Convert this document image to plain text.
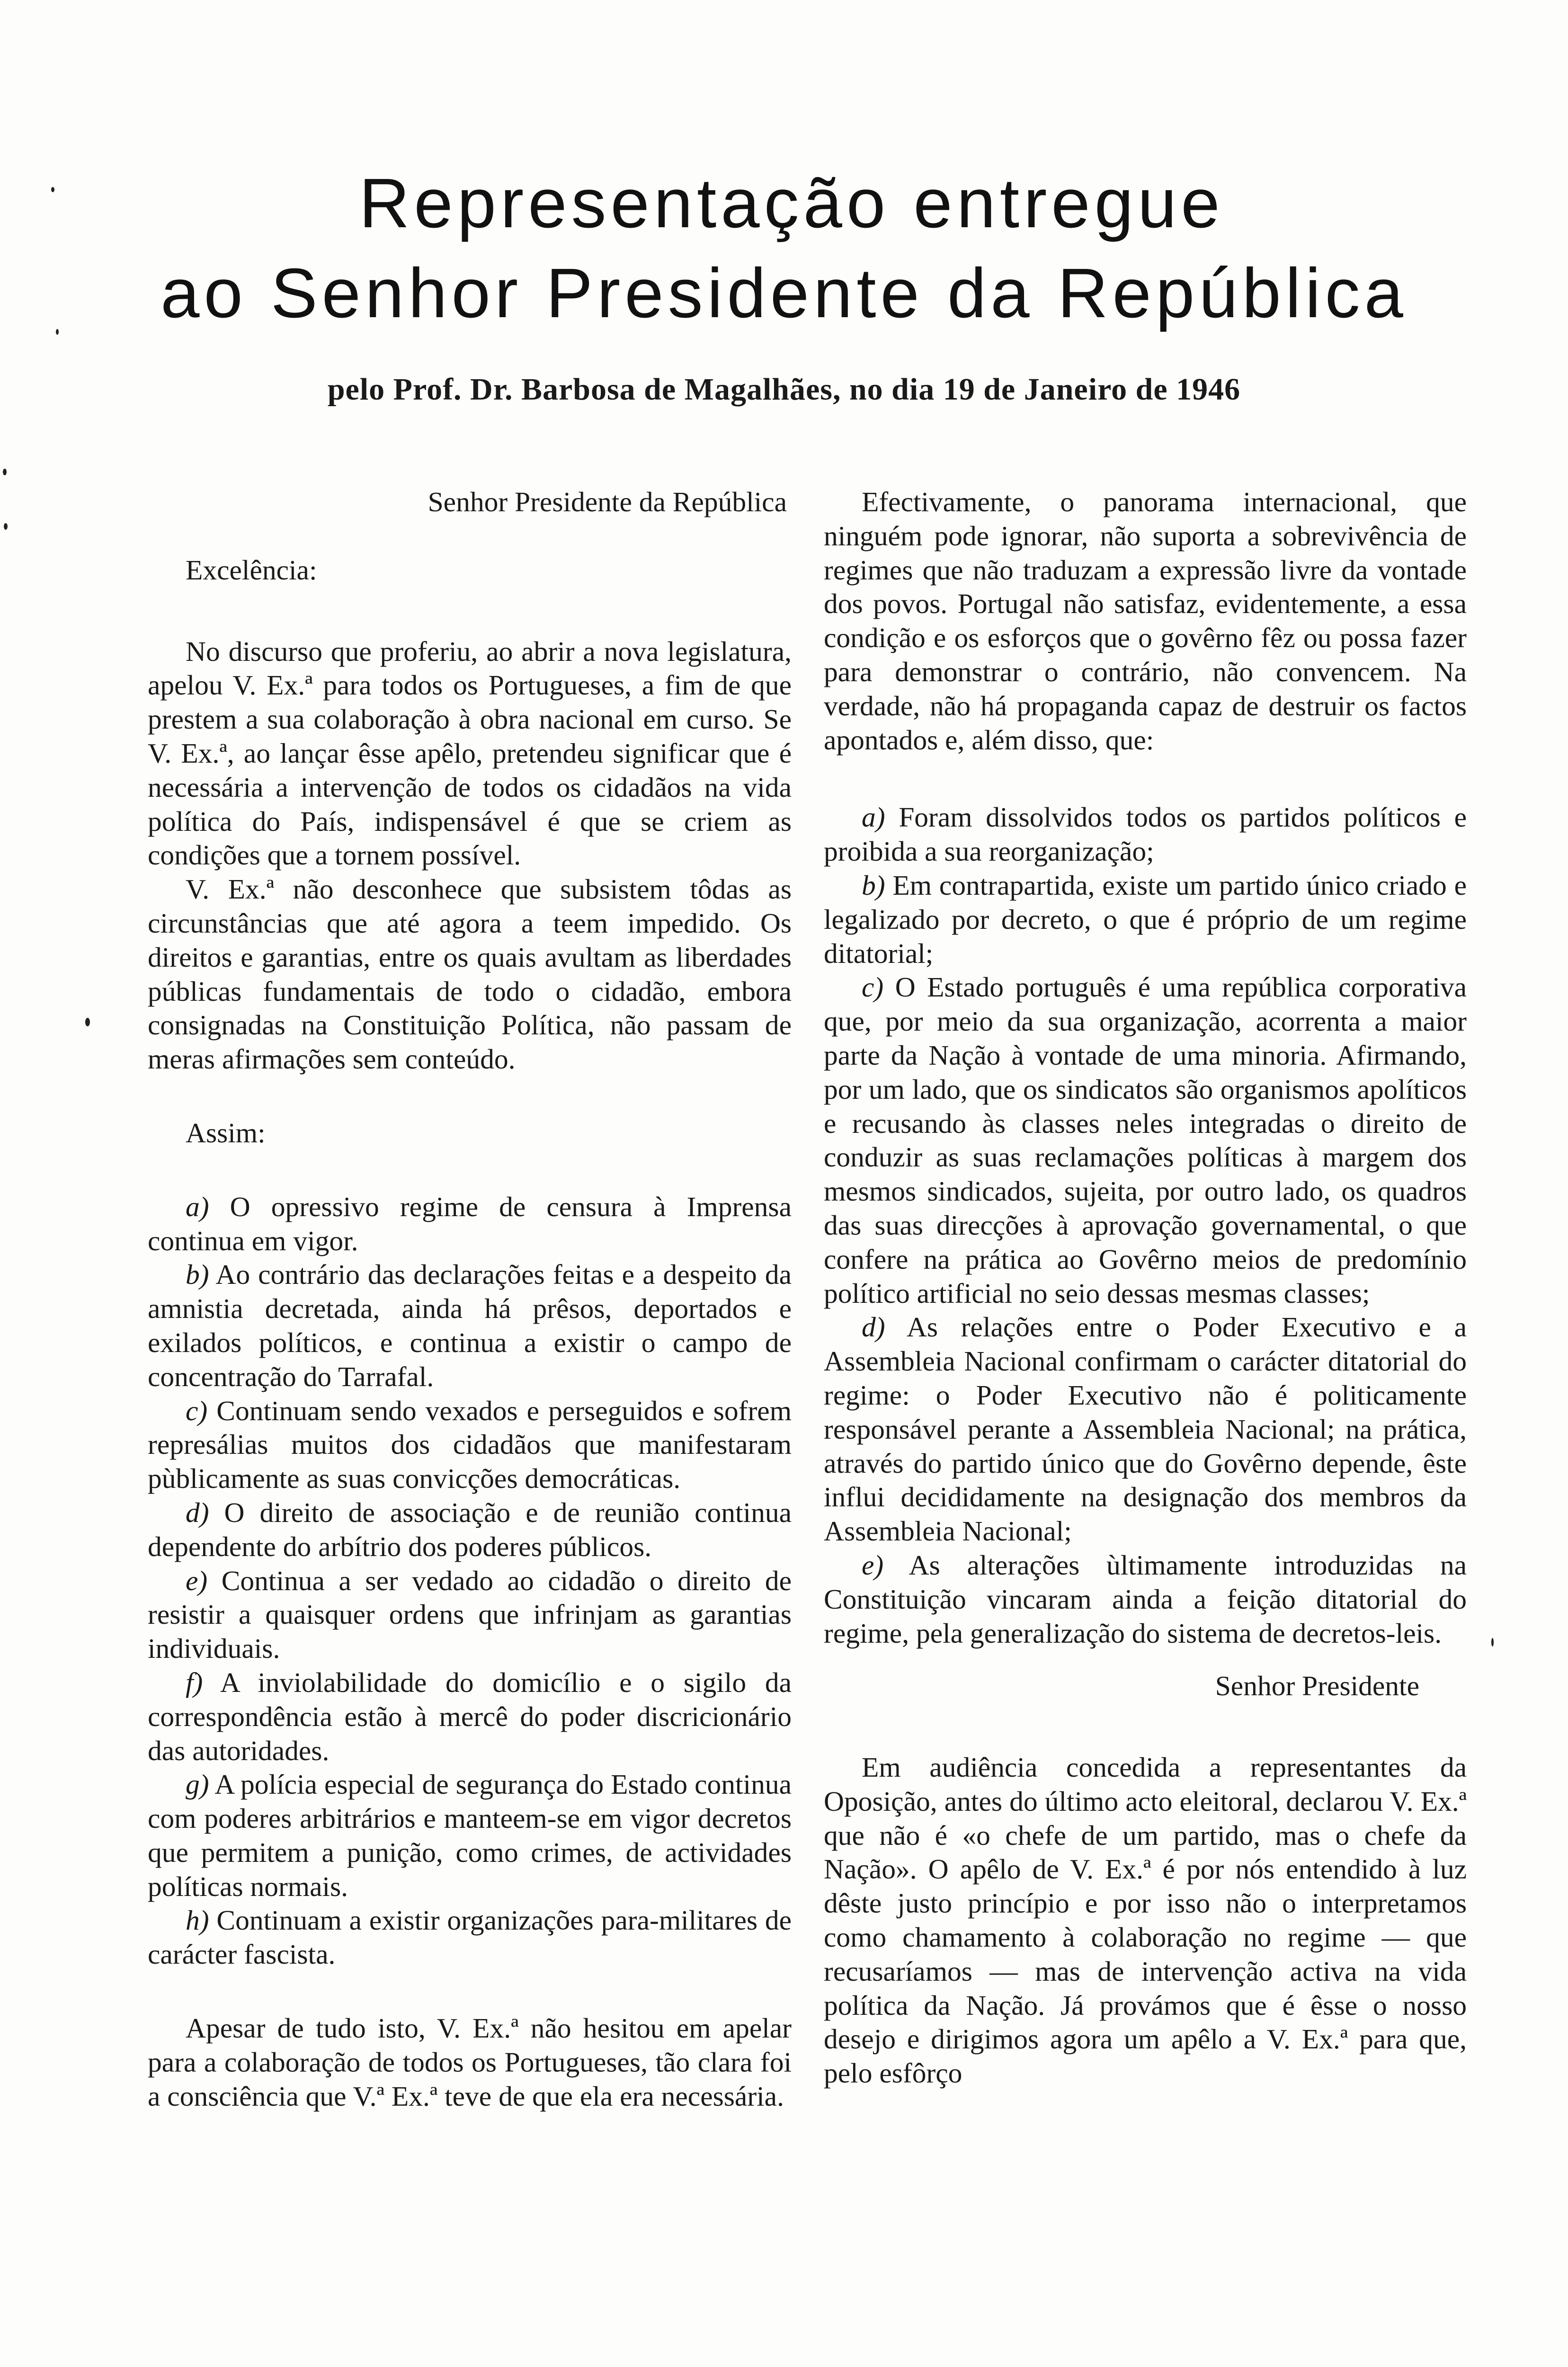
Representação entregue
ao Senhor Presidente da República
pelo Prof. Dr. Barbosa de Magalhães, no dia 19 de Janeiro de 1946

Senhor Presidente da República

Excelência:

No discurso que proferiu, ao abrir a nova legislatura, apelou V. Ex.ª para todos os Portugueses, a fim de que prestem a sua colaboração à obra nacional em curso. Se V. Ex.ª, ao lançar êsse apêlo, pretendeu significar que é necessária a intervenção de todos os cidadãos na vida política do País, indispensável é que se criem as condições que a tornem possível.

V. Ex.ª não desconhece que subsistem tôdas as circunstâncias que até agora a teem impedido. Os direitos e garantias, entre os quais avultam as liberdades públicas fundamentais de todo o cidadão, embora consignadas na Constituição Política, não passam de meras afirmações sem conteúdo.

Assim:

a) O opressivo regime de censura à Imprensa continua em vigor.

b) Ao contrário das declarações feitas e a despeito da amnistia decretada, ainda há prêsos, deportados e exilados políticos, e continua a existir o campo de concentração do Tarrafal.

c) Continuam sendo vexados e perseguidos e sofrem represálias muitos dos cidadãos que manifestaram pùblicamente as suas convicções democráticas.

d) O direito de associação e de reunião continua dependente do arbítrio dos poderes públicos.

e) Continua a ser vedado ao cidadão o direito de resistir a quaisquer ordens que infrinjam as garantias individuais.

f) A inviolabilidade do domicílio e o sigilo da correspondência estão à mercê do poder discricionário das autoridades.

g) A polícia especial de segurança do Estado continua com poderes arbitrários e manteem-se em vigor decretos que permitem a punição, como crimes, de actividades políticas normais.

h) Continuam a existir organizações para-militares de carácter fascista.

Apesar de tudo isto, V. Ex.ª não hesitou em apelar para a colaboração de todos os Portugueses, tão clara foi a consciência que V.ª Ex.ª teve de que ela era necessária.

Efectivamente, o panorama internacional, que ninguém pode ignorar, não suporta a sobrevivência de regimes que não traduzam a expressão livre da vontade dos povos. Portugal não satisfaz, evidentemente, a essa condição e os esforços que o govêrno fêz ou possa fazer para demonstrar o contrário, não convencem. Na verdade, não há propaganda capaz de destruir os factos apontados e, além disso, que:

a) Foram dissolvidos todos os partidos políticos e proibida a sua reorganização;

b) Em contrapartida, existe um partido único criado e legalizado por decreto, o que é próprio de um regime ditatorial;

c) O Estado português é uma república corporativa que, por meio da sua organização, acorrenta a maior parte da Nação à vontade de uma minoria. Afirmando, por um lado, que os sindicatos são organismos apolíticos e recusando às classes neles integradas o direito de conduzir as suas reclamações políticas à margem dos mesmos sindicados, sujeita, por outro lado, os quadros das suas direcções à aprovação governamental, o que confere na prática ao Govêrno meios de predomínio político artificial no seio dessas mesmas classes;

d) As relações entre o Poder Executivo e a Assembleia Nacional confirmam o carácter ditatorial do regime: o Poder Executivo não é politicamente responsável perante a Assembleia Nacional; na prática, através do partido único que do Govêrno depende, êste influi decididamente na designação dos membros da Assembleia Nacional;

e) As alterações ùltimamente introduzidas na Constituição vincaram ainda a feição ditatorial do regime, pela generalização do sistema de decretos-leis.

Senhor Presidente

Em audiência concedida a representantes da Oposição, antes do último acto eleitoral, declarou V. Ex.ª que não é «o chefe de um partido, mas o chefe da Nação». O apêlo de V. Ex.ª é por nós entendido à luz dêste justo princípio e por isso não o interpretamos como chamamento à colaboração no regime — que recusaríamos — mas de intervenção activa na vida política da Nação. Já provámos que é êsse o nosso desejo e dirigimos agora um apêlo a V. Ex.ª para que, pelo esfôrço
